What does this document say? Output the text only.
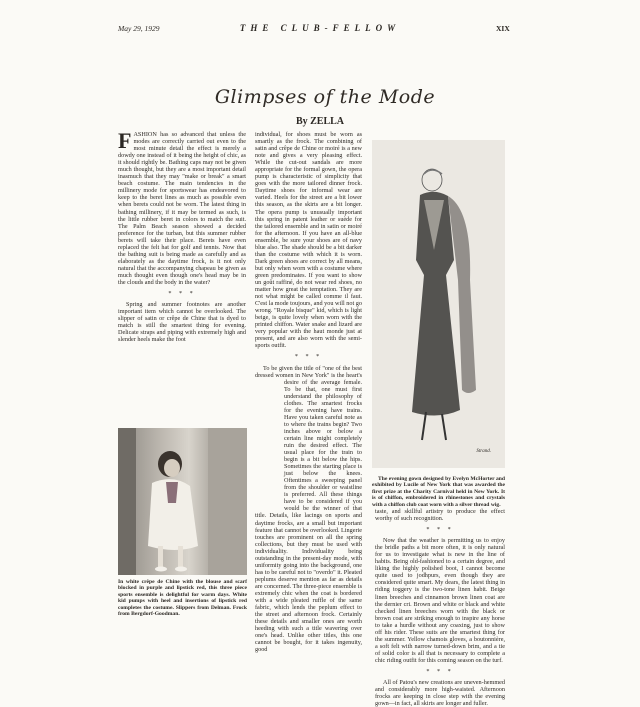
May 29, 1929	THE CLUB-FELLOW	XIX
Glimpses of the Mode
By ZELLA

FASHION has so advanced that unless the modes are correctly carried out even to the most minute detail the effect is merely a dowdy one instead of it being the height of chic, as it should rightly be. Bathing caps may not be given much thought, but they are a most important detail inasmuch that they may "make or break" a smart beach costume. The main tendencies in the millinery mode for sportswear has endeavored to keep to the beret lines as much as possible even when berets could not be worn. The latest thing in bathing millinery, if it may be termed as such, is the little rubber beret in colors to match the suit. The Palm Beach season showed a decided preference for the turban, but this summer rubber berets will take their place. Berets have even replaced the felt hat for golf and tennis. Now that the bathing suit is being made as carefully and as elaborately as the daytime frock, is it not only natural that the accompanying chapeau be given as much thought even though one's head may be in the clouds and the body in the water?

* * *

Spring and summer footnotes are another important item which cannot be overlooked. The slipper of satin or crêpe de Chine that is dyed to match is still the smartest thing for evening. Delicate straps and piping with extremely high and slender heels make the foot

individual, for shoes must be worn as smartly as the frock. The combining of satin and crêpe de Chine or moiré is a new note and gives a very pleasing effect. While the cut-out sandals are more appropriate for the formal gown, the opera pump is characteristic of simplicity that goes with the more tailored dinner frock. Daytime shoes for informal wear are varied. Heels for the street are a bit lower this season, as the skirts are a bit longer. The opera pump is unusually important this spring in patent leather or suède for the tailored ensemble and in satin or moiré for the afternoon. If you have an all-blue ensemble, be sure your shoes are of navy blue also. The shade should be a bit darker than the costume with which it is worn. Dark green shoes are correct by all means, but only when worn with a costume where green predominates. If you want to show un goût raffiné, do not wear red shoes, no matter how great the temptation. They are not what might be called comme il faut. C'est la mode toujours, and you will not go wrong. "Royale bisque" kid, which is light beige, is quite lovely when worn with the printed chiffon. Water snake and lizard are very popular with the haut monde just at present, and are also worn with the semi-sports outfit.

* * *

To be given the title of "one of the best dressed women in New York" is the heart's desire of the average female. To be that, one must first understand the philosophy of clothes. The smartest frocks for the evening have trains. Have you taken careful note as to where the trains begin? Two inches above or below a certain line might completely ruin the desired effect. The usual place for the train to begin is a bit below the hips. Sometimes the starting place is just below the knees. Oftentimes a sweeping panel from the shoulder or waistline is preferred. All these things have to be considered if you would be the winner of that title. Details, like lacings on sports and daytime frocks, are a small but important feature that cannot be overlooked. Lingerie touches are prominent on all the spring collections, but they must be used with individuality. Individuality being outstanding in the present-day mode, with uniformity going into the background, one has to be careful not to "overdo" it. Pleated peplums deserve mention as far as details are concerned. The three-piece ensemble is extremely chic when the coat is bordered with a wide pleated ruffle of the same fabric, which lends the peplum effect to the street and afternoon frock. Certainly these details and smaller ones are worth heeding with such a title wavering over one's head. Unlike other titles, this one cannot be bought, for it takes ingenuity, good

In white crêpe de Chine with the blouse and scarf blocked in purple and lipstick red, this three piece sports ensemble is delightful for warm days. White kid pumps with heel and insertions of lipstick red completes the costume. Slippers from Delman. Frock from Bergdorf-Goodman.
Strand.
The evening gown designed by Evelyn McHorter and exhibited by Lucile of New York that was awarded the first prize at the Charity Carnival held in New York. It is of chiffon, embroidered in rhinestones and crystals with a chiffon club coat worn with a silver thread wig.

taste, and skillful artistry to produce the effect worthy of such recognition.

* * *

Now that the weather is permitting us to enjoy the bridle paths a bit more often, it is only natural for us to investigate what is new in the line of habits. Being old-fashioned to a certain degree, and liking the highly polished boot, I cannot become quite used to jodhpurs, even though they are considered quite smart. My dears, the latest thing in riding toggery is the two-tone linen habit. Beige linen breeches and cinnamon brown linen coat are the dernier cri. Brown and white or black and white checked linen breeches worn with the black or brown coat are striking enough to inspire any horse to take a hurdle without any coaxing, just to show off his rider. These suits are the smartest thing for the summer. Yellow chamois gloves, a boutonnière, a soft felt with narrow turned-down brim, and a tie of solid color is all that is necessary to complete a chic riding outfit for this coming season on the turf.

* * *

All of Patou's new creations are uneven-hemmed and considerably more high-waisted. Afternoon frocks are keeping in close step with the evening gown—in fact, all skirts are longer and fuller.
